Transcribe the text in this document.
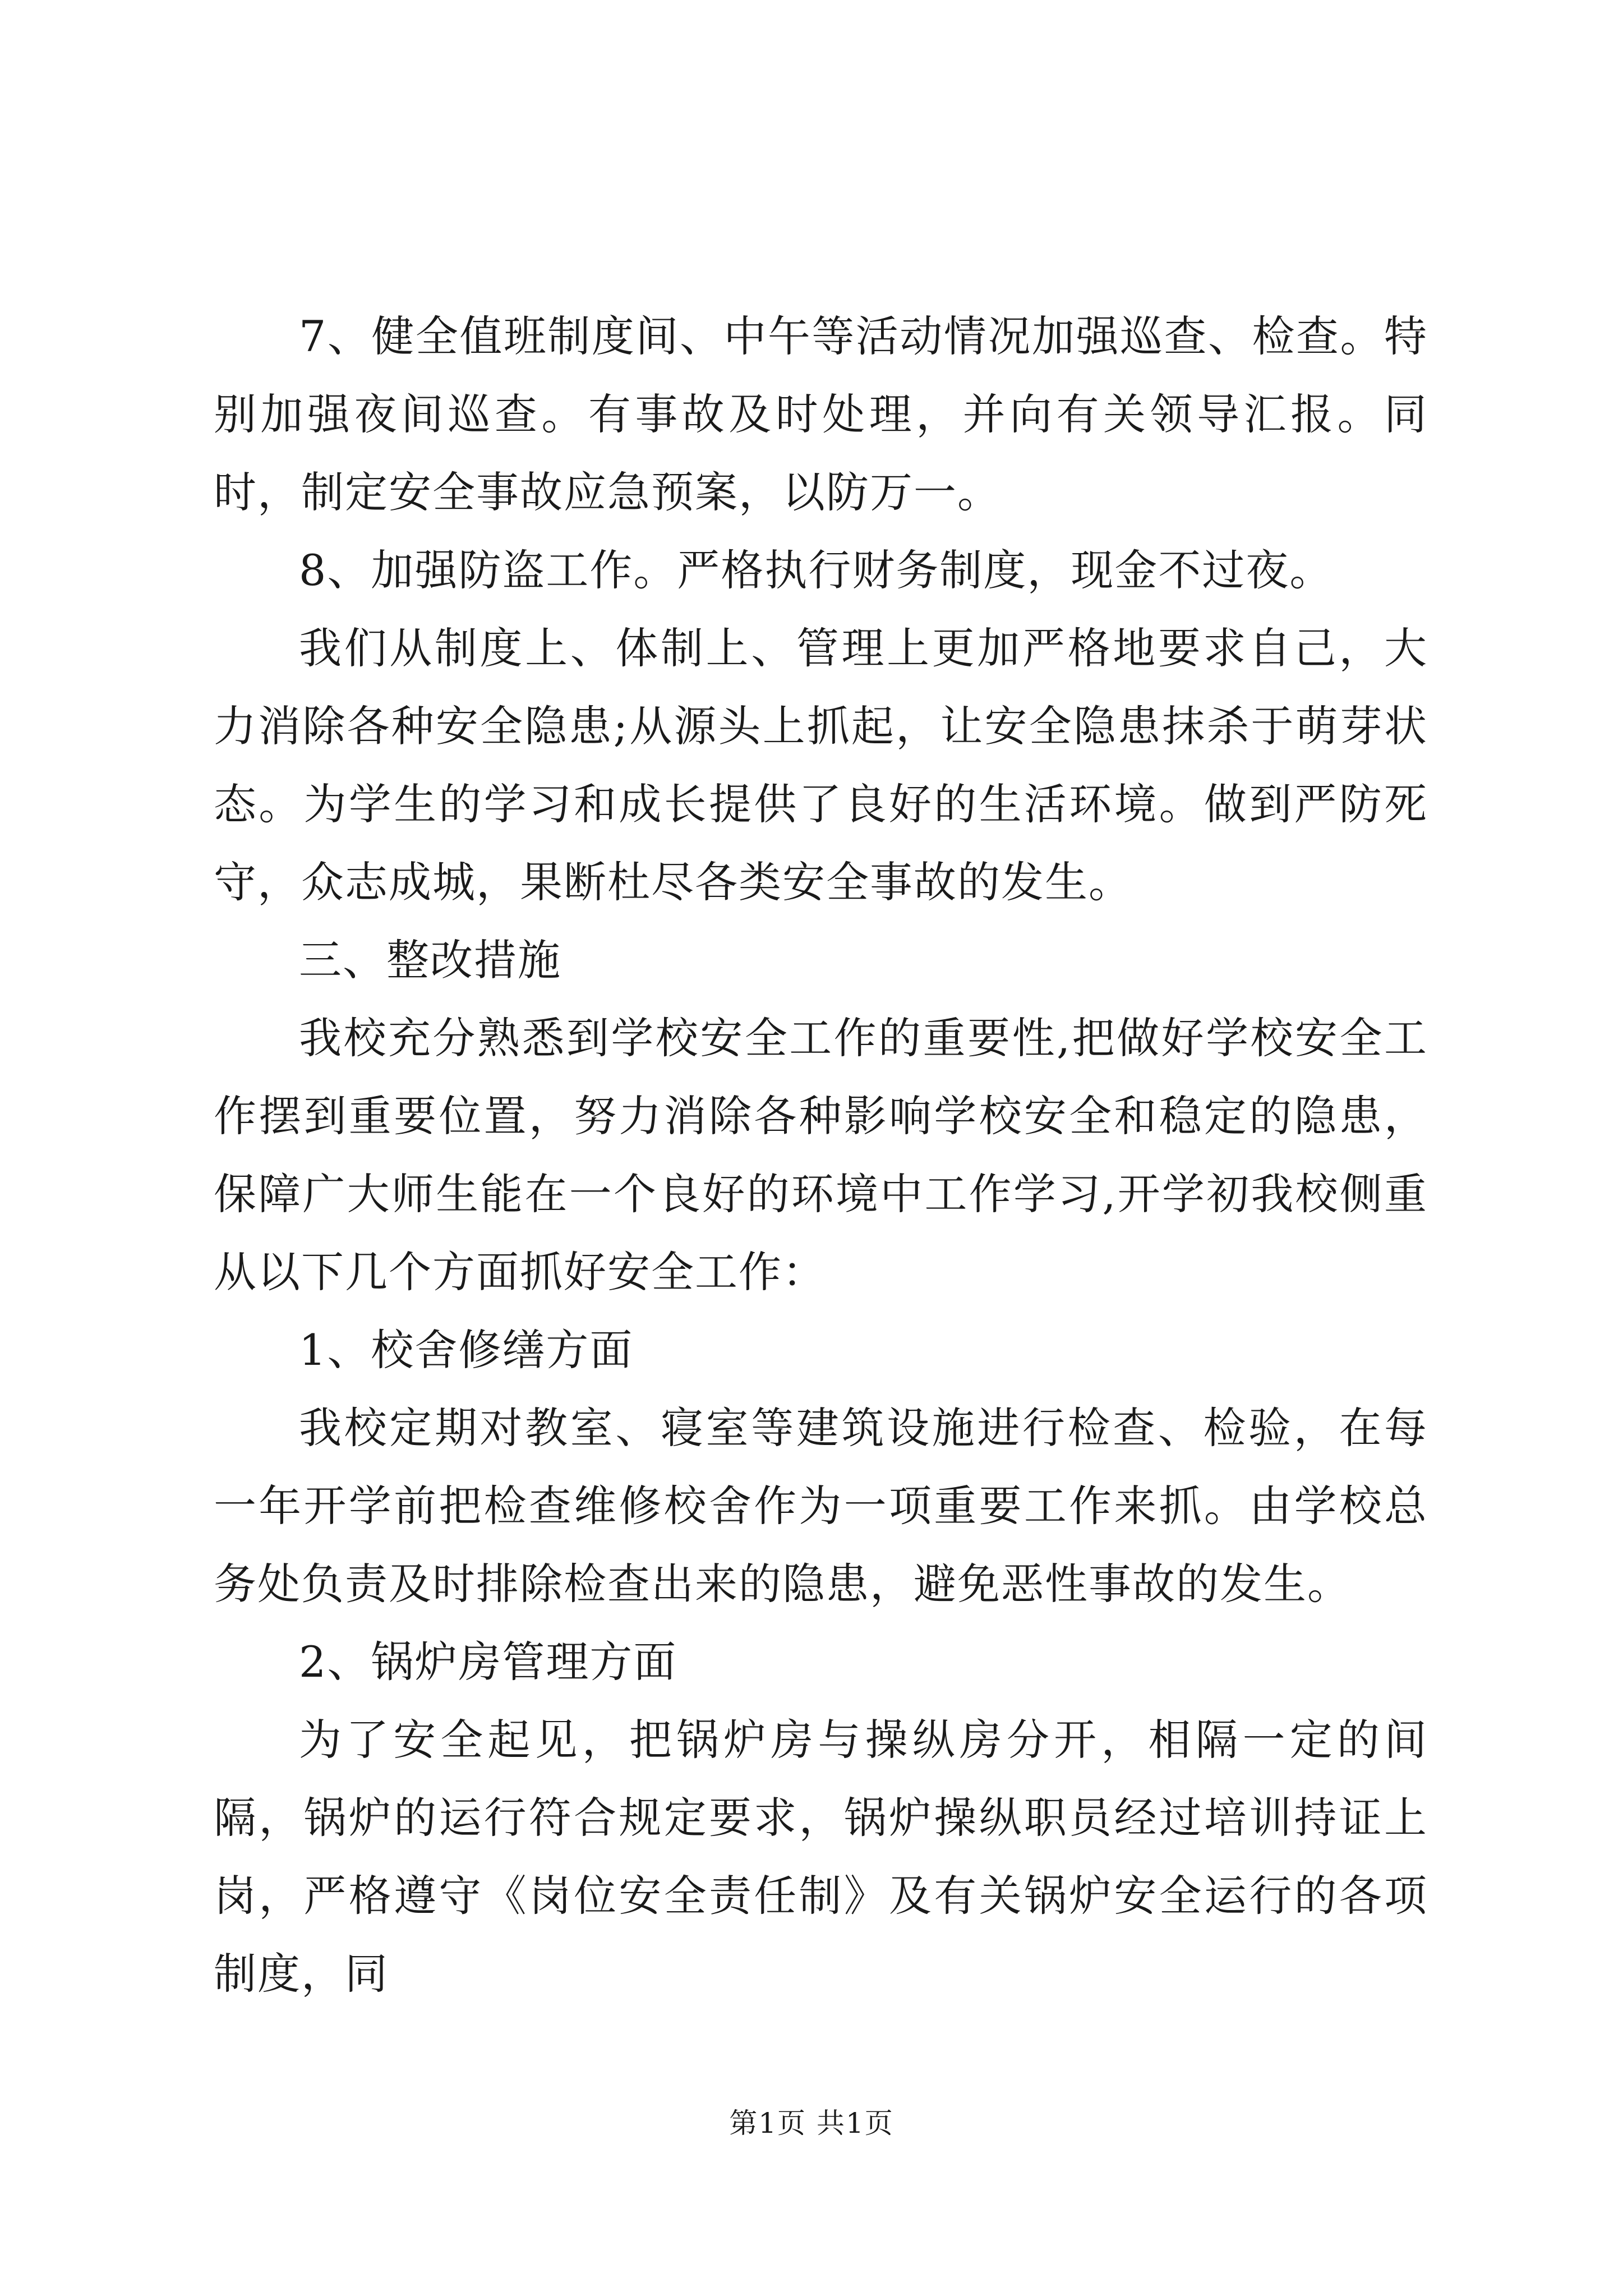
7、健全值班制度间、中午等活动情况加强巡查、检查。特别加强夜间巡查。有事故及时处理，并向有关领导汇报。同时，制定安全事故应急预案，以防万一。

8、加强防盗工作。严格执行财务制度，现金不过夜。

我们从制度上、体制上、管理上更加严格地要求自己，大力消除各种安全隐患;从源头上抓起，让安全隐患抹杀于萌芽状态。为学生的学习和成长提供了良好的生活环境。做到严防死守，众志成城，果断杜尽各类安全事故的发生。

三、整改措施

我校充分熟悉到学校安全工作的重要性,把做好学校安全工作摆到重要位置，努力消除各种影响学校安全和稳定的隐患，保障广大师生能在一个良好的环境中工作学习,开学初我校侧重从以下几个方面抓好安全工作：

1、校舍修缮方面

我校定期对教室、寝室等建筑设施进行检查、检验，在每一年开学前把检查维修校舍作为一项重要工作来抓。由学校总务处负责及时排除检查出来的隐患，避免恶性事故的发生。

2、锅炉房管理方面

为了安全起见，把锅炉房与操纵房分开，相隔一定的间隔，锅炉的运行符合规定要求，锅炉操纵职员经过培训持证上岗，严格遵守《岗位安全责任制》及有关锅炉安全运行的各项制度，同

第1页 共1页
